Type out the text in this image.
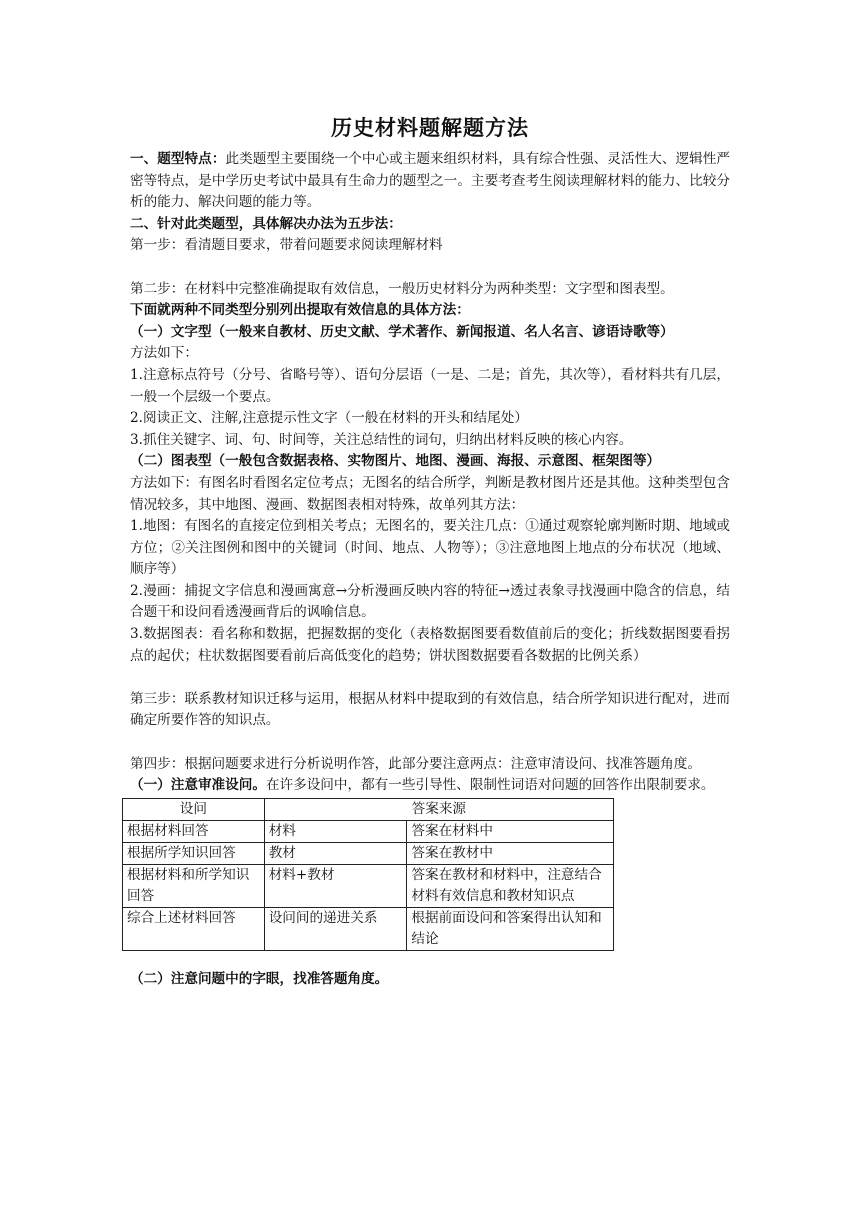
历史材料题解题方法

一、题型特点：此类题型主要围绕一个中心或主题来组织材料，具有综合性强、灵活性大、逻辑性严密等特点，是中学历史考试中最具有生命力的题型之一。主要考查考生阅读理解材料的能力、比较分析的能力、解决问题的能力等。

二、针对此类题型，具体解决办法为五步法：

第一步：看清题目要求，带着问题要求阅读理解材料

第二步：在材料中完整准确提取有效信息，一般历史材料分为两种类型：文字型和图表型。

下面就两种不同类型分别列出提取有效信息的具体方法：

（一）文字型（一般来自教材、历史文献、学术著作、新闻报道、名人名言、谚语诗歌等）

方法如下：

1.注意标点符号（分号、省略号等）、语句分层语（一是、二是；首先，其次等），看材料共有几层，一般一个层级一个要点。

2.阅读正文、注解,注意提示性文字（一般在材料的开头和结尾处）

3.抓住关键字、词、句、时间等，关注总结性的词句，归纳出材料反映的核心内容。

（二）图表型（一般包含数据表格、实物图片、地图、漫画、海报、示意图、框架图等）

方法如下：有图名时看图名定位考点；无图名的结合所学，判断是教材图片还是其他。这种类型包含情况较多，其中地图、漫画、数据图表相对特殊，故单列其方法：

1.地图：有图名的直接定位到相关考点；无图名的，要关注几点：①通过观察轮廓判断时期、地域或方位；②关注图例和图中的关键词（时间、地点、人物等）；③注意地图上地点的分布状况（地域、顺序等）

2.漫画：捕捉文字信息和漫画寓意→分析漫画反映内容的特征→透过表象寻找漫画中隐含的信息，结合题干和设问看透漫画背后的讽喻信息。

3.数据图表：看名称和数据，把握数据的变化（表格数据图要看数值前后的变化；折线数据图要看拐点的起伏；柱状数据图要看前后高低变化的趋势；饼状图数据要看各数据的比例关系）

第三步：联系教材知识迁移与运用，根据从材料中提取到的有效信息，结合所学知识进行配对，进而确定所要作答的知识点。

第四步：根据问题要求进行分析说明作答，此部分要注意两点：注意审清设问、找准答题角度。

（一）注意审准设问。在许多设问中，都有一些引导性、限制性词语对问题的回答作出限制要求。

设问	答案来源	
根据材料回答	材料	答案在材料中
根据所学知识回答	教材	答案在教材中
根据材料和所学知识回答	材料+教材	答案在教材和材料中，注意结合材料有效信息和教材知识点
综合上述材料回答	设问间的递进关系	根据前面设问和答案得出认知和结论

（二）注意问题中的字眼，找准答题角度。
